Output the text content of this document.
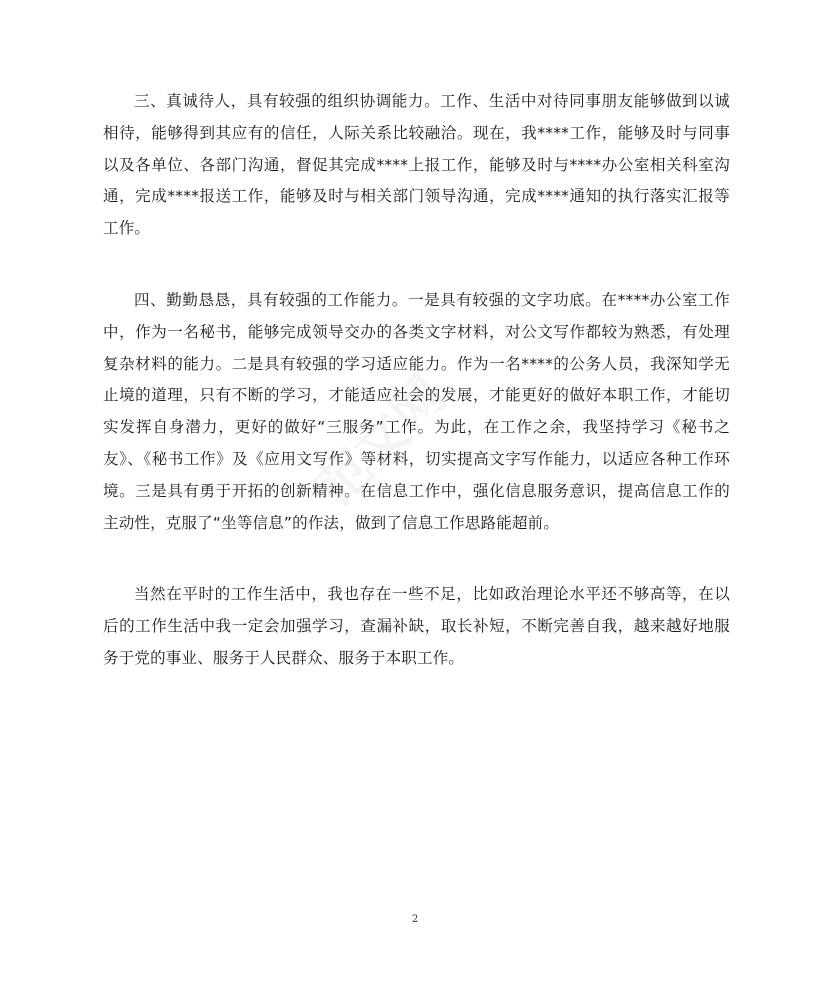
范文网

三、真诚待人，具有较强的组织协调能力。工作、生活中对待同事朋友能够做到以诚相待，能够得到其应有的信任，人际关系比较融洽。现在，我****工作，能够及时与同事以及各单位、各部门沟通，督促其完成****上报工作，能够及时与****办公室相关科室沟通，完成****报送工作，能够及时与相关部门领导沟通，完成****通知的执行落实汇报等工作。

四、勤勤恳恳，具有较强的工作能力。一是具有较强的文字功底。在****办公室工作中，作为一名秘书，能够完成领导交办的各类文字材料，对公文写作都较为熟悉，有处理复杂材料的能力。二是具有较强的学习适应能力。作为一名****的公务人员，我深知学无止境的道理，只有不断的学习，才能适应社会的发展，才能更好的做好本职工作，才能切实发挥自身潜力，更好的做好“三服务”工作。为此，在工作之余，我坚持学习《秘书之友》、《秘书工作》及《应用文写作》等材料，切实提高文字写作能力，以适应各种工作环境。三是具有勇于开拓的创新精神。在信息工作中，强化信息服务意识，提高信息工作的主动性，克服了“坐等信息”的作法，做到了信息工作思路能超前。

当然在平时的工作生活中，我也存在一些不足，比如政治理论水平还不够高等，在以后的工作生活中我一定会加强学习，查漏补缺，取长补短，不断完善自我，越来越好地服务于党的事业、服务于人民群众、服务于本职工作。

2
